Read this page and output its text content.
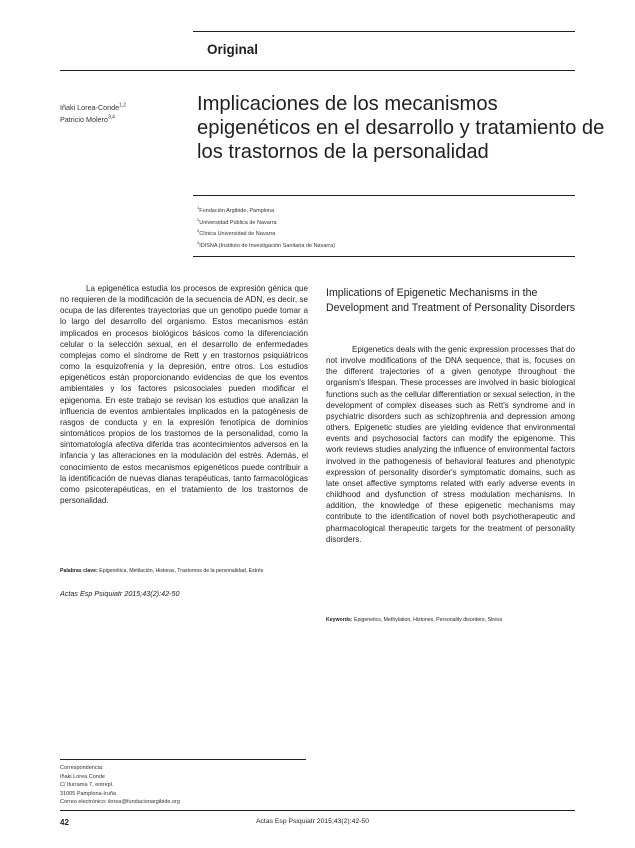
Original
Iñaki Lorea-Conde$^{1,2}$
Patricio Molero$^{3,4}$
Implicaciones de los mecanismos epigenéticos en el desarrollo y tratamiento de los trastornos de la personalidad
$^1$Fundación Argibide, Pamplona
$^2$Universidad Pública de Navarra
$^3$Clínica Universidad de Navarra
$^4$IDISNA (Instituto de Investigación Sanitaria de Navarra)

La epigenética estudia los procesos de expresión génica que no requieren de la modificación de la secuencia de ADN, es decir, se ocupa de las diferentes trayectorias que un genotipo puede tomar a lo largo del desarrollo del organismo. Estos mecanismos están implicados en procesos biológicos básicos como la diferenciación celular o la selección sexual, en el desarrollo de enfermedades complejas como el síndrome de Rett y en trastornos psiquiátricos como la esquizofrenia y la depresión, entre otros. Los estudios epigenéticos están proporcionando evidencias de que los eventos ambientales y los factores psicosociales pueden modificar el epigenoma. En este trabajo se revisan los estudios que analizan la influencia de eventos ambientales implicados en la patogénesis de rasgos de conducta y en la expresión fenotípica de dominios sintomáticos propios de los trastornos de la personalidad, como la sintomatología afectiva diferida tras acontecimientos adversos en la infancia y las alteraciones en la modulación del estrés. Además, el conocimiento de estos mecanismos epigenéticos puede contribuir a la identificación de nuevas dianas terapéuticas, tanto farmacológicas como psicoterapéuticas, en el tratamiento de los trastornos de personalidad.

Palabras clave: Epigenética, Metilación, Historas, Trastornos de la personalidad, Estrés
Actas Esp Psiquiatr 2015;43(2):42-50
Implications of Epigenetic Mechanisms in the Development and Treatment of Personality Disorders

Epigenetics deals with the genic expression processes that do not involve modifications of the DNA sequence, that is, focuses on the different trajectories of a given genotype throughout the organism's lifespan. These processes are involved in basic biological functions such as the cellular differentiation or sexual selection, in the development of complex diseases such as Rett's syndrome and in psychiatric disorders such as schizophrenia and depression among others. Epigenetic studies are yielding evidence that environmental events and psychosocial factors can modify the epigenome. This work reviews studies analyzing the influence of environmental factors involved in the pathogenesis of behavioral features and phenotypic expression of personality disorder's symptomatic domains, such as late onset affective symptoms related with early adverse events in childhood and dysfunction of stress modulation mechanisms. In addition, the knowledge of these epigenetic mechanisms may contribute to the identification of novel both psychotherapeutic and pharmacological therapeutic targets for the treatment of personality disorders.

Keywords: Epigenetics, Methylation, Histones, Personality disorders, Stress
Correspondencia:
Iñaki Lorea Conde
C/ Iturrama 7, entrepl.
31005 Pamplona-Iruña
Correo electrónico: ilorea@fundacionargibide.org
42	Actas Esp Psiquiatr 2015;43(2):42-50
